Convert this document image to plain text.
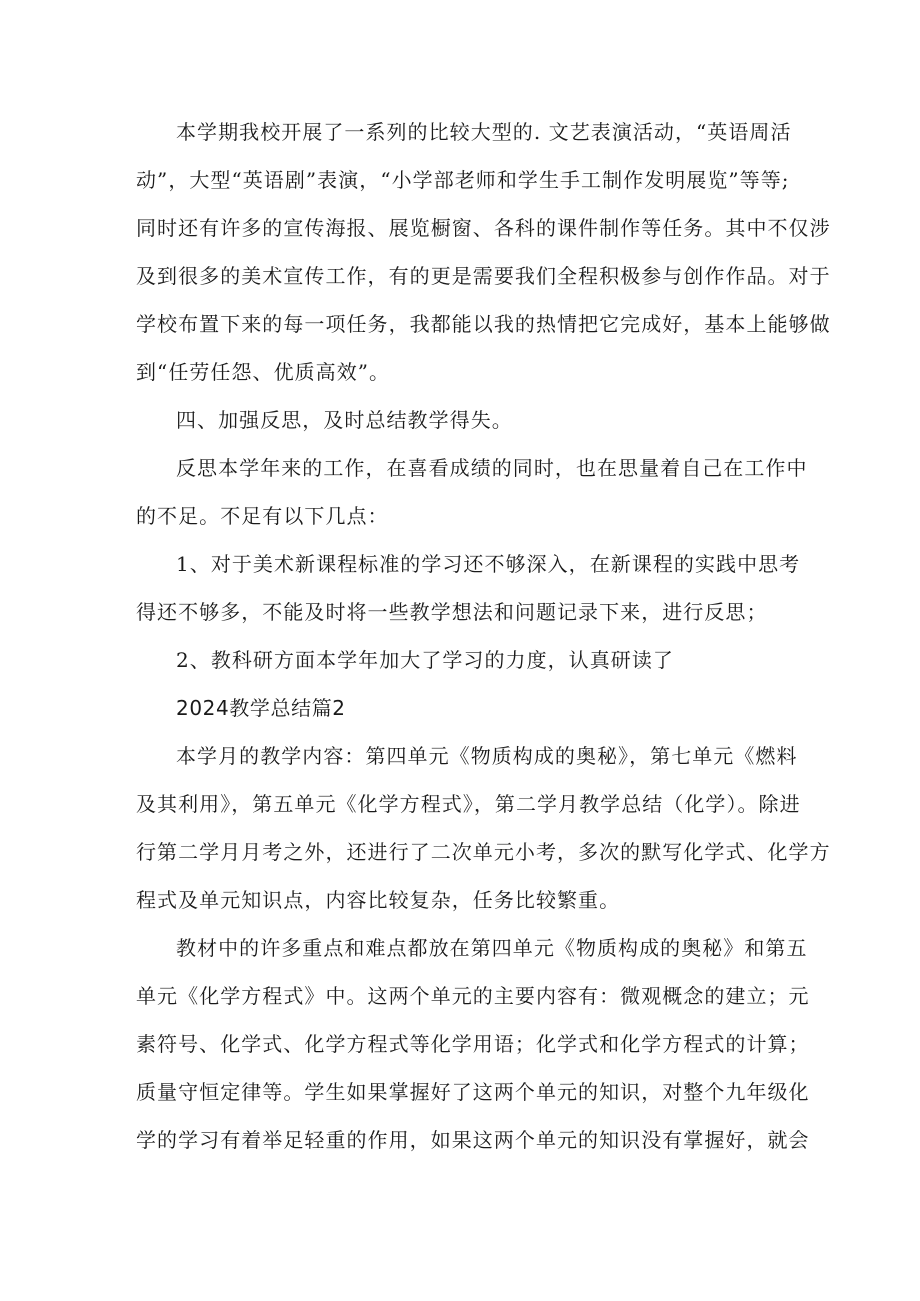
本学期我校开展了一系列的比较大型的. 文艺表演活动，“英语周活

动”，大型“英语剧”表演，“小学部老师和学生手工制作发明展览”等等;

同时还有许多的宣传海报、展览橱窗、各科的课件制作等任务。其中不仅涉

及到很多的美术宣传工作，有的更是需要我们全程积极参与创作作品。对于

学校布置下来的每一项任务，我都能以我的热情把它完成好，基本上能够做

到“任劳任怨、优质高效”。

四、加强反思，及时总结教学得失。

反思本学年来的工作，在喜看成绩的同时，也在思量着自己在工作中

的不足。不足有以下几点：

1、对于美术新课程标准的学习还不够深入，在新课程的实践中思考

得还不够多，不能及时将一些教学想法和问题记录下来，进行反思；

2、教科研方面本学年加大了学习的力度，认真研读了

2024教学总结篇2

本学月的教学内容：第四单元《物质构成的奥秘》，第七单元《燃料

及其利用》，第五单元《化学方程式》，第二学月教学总结（化学）。除进

行第二学月月考之外，还进行了二次单元小考，多次的默写化学式、化学方

程式及单元知识点，内容比较复杂，任务比较繁重。

教材中的许多重点和难点都放在第四单元《物质构成的奥秘》和第五

单元《化学方程式》中。这两个单元的主要内容有：微观概念的建立；元

素符号、化学式、化学方程式等化学用语；化学式和化学方程式的计算；

质量守恒定律等。学生如果掌握好了这两个单元的知识，对整个九年级化

学的学习有着举足轻重的作用，如果这两个单元的知识没有掌握好，就会
